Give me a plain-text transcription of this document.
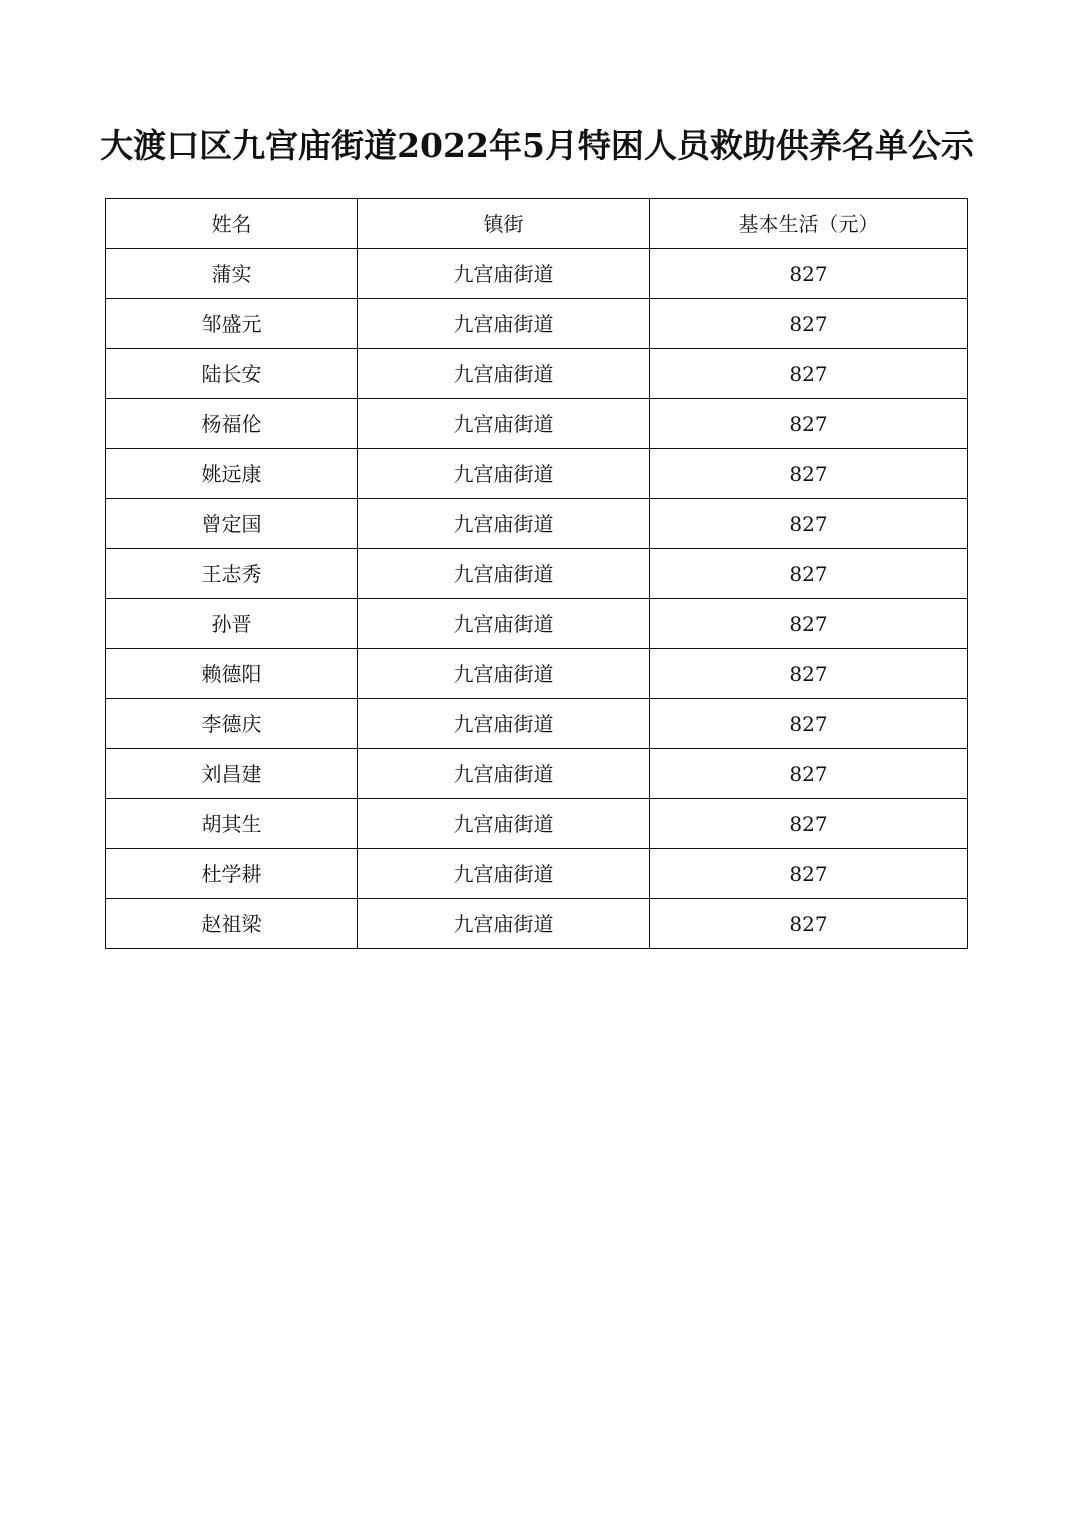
大渡口区九宫庙街道2022年5月特困人员救助供养名单公示
姓名	镇街	基本生活（元）
蒲实	九宫庙街道	827
邹盛元	九宫庙街道	827
陆长安	九宫庙街道	827
杨福伦	九宫庙街道	827
姚远康	九宫庙街道	827
曾定国	九宫庙街道	827
王志秀	九宫庙街道	827
孙晋	九宫庙街道	827
赖德阳	九宫庙街道	827
李德庆	九宫庙街道	827
刘昌建	九宫庙街道	827
胡其生	九宫庙街道	827
杜学耕	九宫庙街道	827
赵祖梁	九宫庙街道	827
